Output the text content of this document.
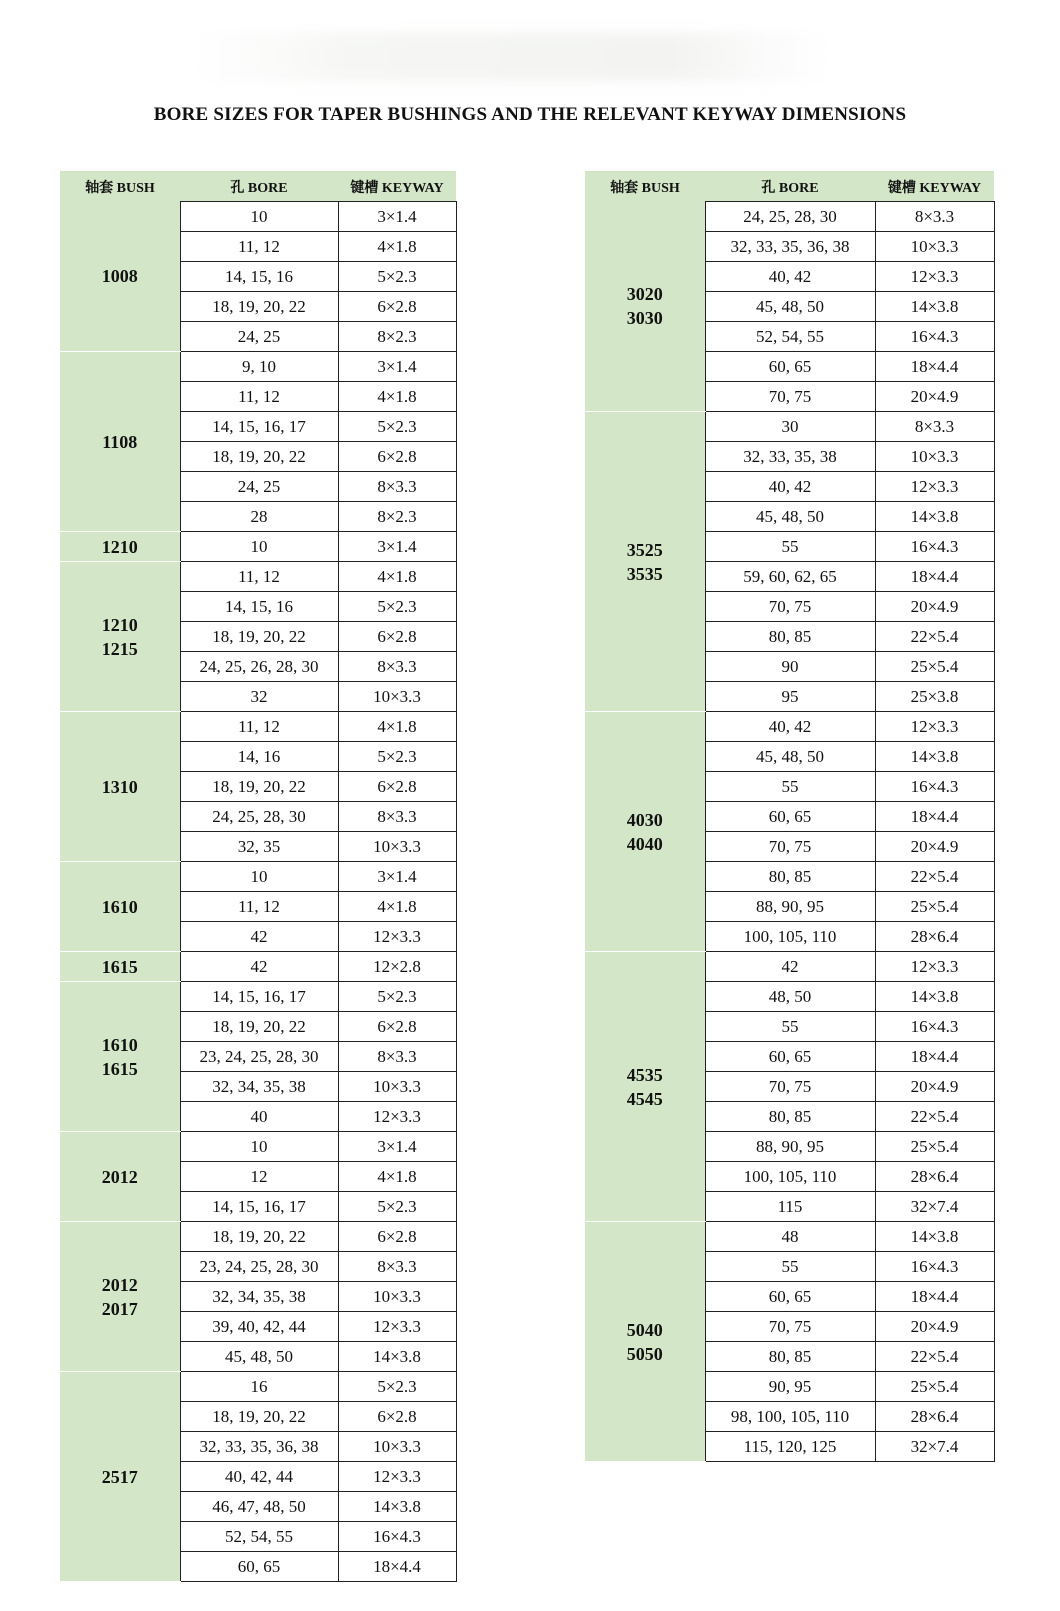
BORE SIZES FOR TAPER BUSHINGS AND THE RELEVANT KEYWAY DIMENSIONS
轴套 BUSH	孔 BORE	键槽 KEYWAY
1008	10	3×1.4
	11, 12	4×1.8
	14, 15, 16	5×2.3
	18, 19, 20, 22	6×2.8
	24, 25	8×2.3
1108	9, 10	3×1.4
	11, 12	4×1.8
	14, 15, 16, 17	5×2.3
	18, 19, 20, 22	6×2.8
	24, 25	8×3.3
	28	8×2.3
1210	10	3×1.4
1210
1215	11, 12	4×1.8
	14, 15, 16	5×2.3
	18, 19, 20, 22	6×2.8
	24, 25, 26, 28, 30	8×3.3
	32	10×3.3
1310	11, 12	4×1.8
	14, 16	5×2.3
	18, 19, 20, 22	6×2.8
	24, 25, 28, 30	8×3.3
	32, 35	10×3.3
1610	10	3×1.4
	11, 12	4×1.8
	42	12×3.3
1615	42	12×2.8
1610
1615	14, 15, 16, 17	5×2.3
	18, 19, 20, 22	6×2.8
	23, 24, 25, 28, 30	8×3.3
	32, 34, 35, 38	10×3.3
	40	12×3.3
2012	10	3×1.4
	12	4×1.8
	14, 15, 16, 17	5×2.3
2012
2017	18, 19, 20, 22	6×2.8
	23, 24, 25, 28, 30	8×3.3
	32, 34, 35, 38	10×3.3
	39, 40, 42, 44	12×3.3
	45, 48, 50	14×3.8
2517	16	5×2.3
	18, 19, 20, 22	6×2.8
	32, 33, 35, 36, 38	10×3.3
	40, 42, 44	12×3.3
	46, 47, 48, 50	14×3.8
	52, 54, 55	16×4.3
	60, 65	18×4.4
轴套 BUSH	孔 BORE	键槽 KEYWAY
3020
3030	24, 25, 28, 30	8×3.3
	32, 33, 35, 36, 38	10×3.3
	40, 42	12×3.3
	45, 48, 50	14×3.8
	52, 54, 55	16×4.3
	60, 65	18×4.4
	70, 75	20×4.9
3525
3535	30	8×3.3
	32, 33, 35, 38	10×3.3
	40, 42	12×3.3
	45, 48, 50	14×3.8
	55	16×4.3
	59, 60, 62, 65	18×4.4
	70, 75	20×4.9
	80, 85	22×5.4
	90	25×5.4
	95	25×3.8
4030
4040	40, 42	12×3.3
	45, 48, 50	14×3.8
	55	16×4.3
	60, 65	18×4.4
	70, 75	20×4.9
	80, 85	22×5.4
	88, 90, 95	25×5.4
	100, 105, 110	28×6.4
4535
4545	42	12×3.3
	48, 50	14×3.8
	55	16×4.3
	60, 65	18×4.4
	70, 75	20×4.9
	80, 85	22×5.4
	88, 90, 95	25×5.4
	100, 105, 110	28×6.4
	115	32×7.4
5040
5050	48	14×3.8
	55	16×4.3
	60, 65	18×4.4
	70, 75	20×4.9
	80, 85	22×5.4
	90, 95	25×5.4
	98, 100, 105, 110	28×6.4
	115, 120, 125	32×7.4
